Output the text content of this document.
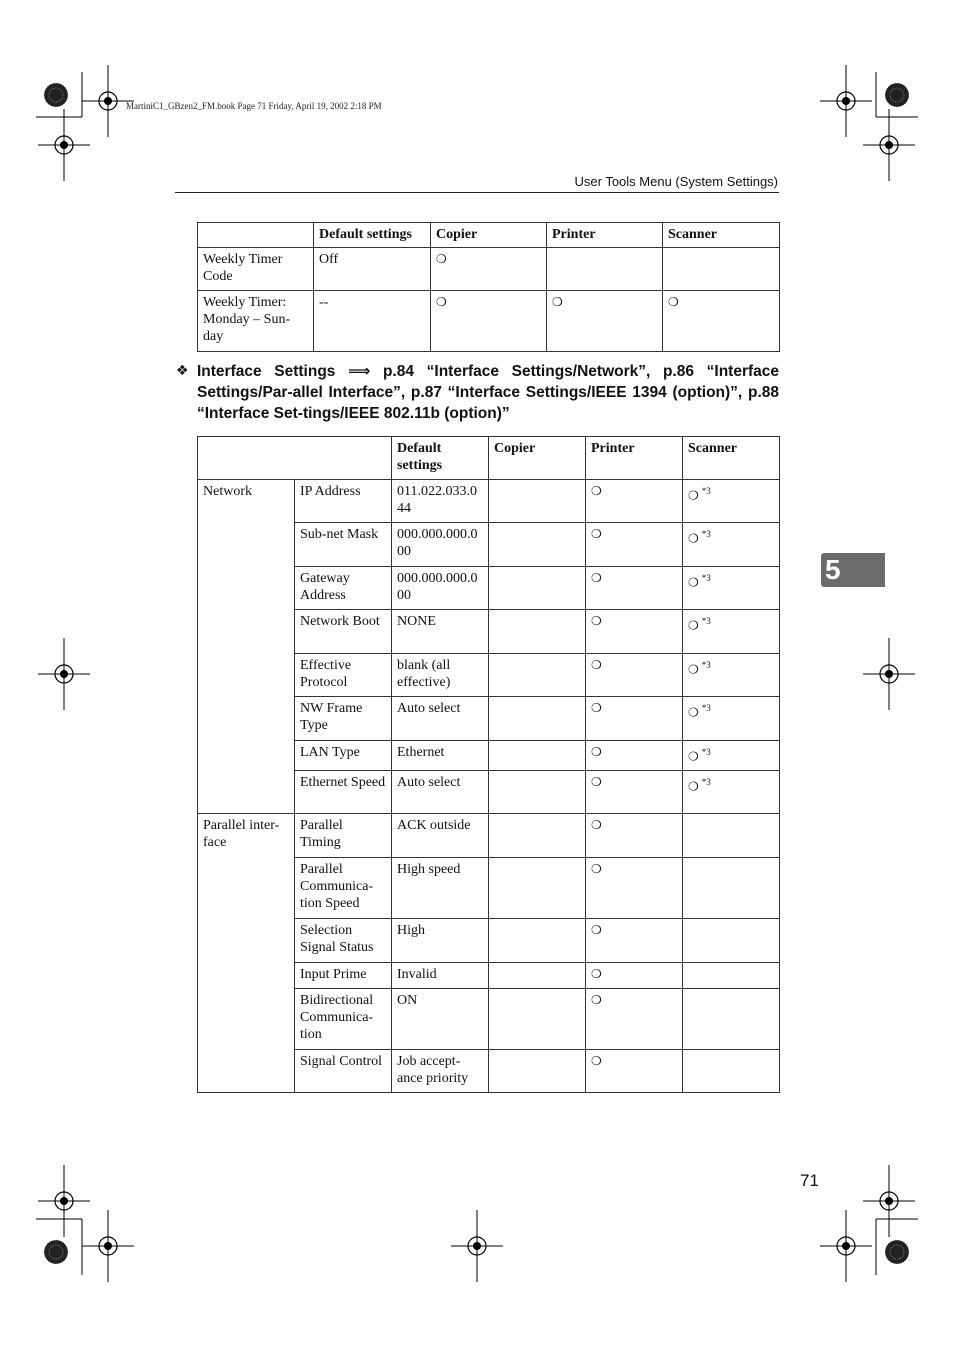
MartiniC1_GBzen2_FM.book Page 71 Friday, April 19, 2002 2:18 PM
User Tools Menu (System Settings)
	Default settings	Copier	Printer	Scanner
Weekly Timer Code	Off	❍		
Weekly Timer: Monday – Sun-day	--	❍	❍	❍
❖ Interface Settings ⟹ p.84 “Interface Settings/Network”, p.86 “Interface Settings/Par-allel Interface”, p.87 “Interface Settings/IEEE 1394 (option)”, p.88 “Interface Set-tings/IEEE 802.11b (option)”
		Default settings	Copier	Printer	Scanner
Network	IP Address	011.022.033.0 44		❍	❍ $^{*3}$
	Sub-net Mask	000.000.000.0 00		❍	❍ $^{*3}$
	Gateway Address	000.000.000.0 00		❍	❍ $^{*3}$
	Network Boot	NONE		❍	❍ $^{*3}$
	Effective Protocol	blank (all effective)		❍	❍ $^{*3}$
	NW Frame Type	Auto select		❍	❍ $^{*3}$
	LAN Type	Ethernet		❍	❍ $^{*3}$
	Ethernet Speed	Auto select		❍	❍ $^{*3}$
Parallel inter-face	Parallel Timing	ACK outside		❍	
	Parallel Communica-tion Speed	High speed		❍	
	Selection Signal Status	High		❍	
	Input Prime	Invalid		❍	
	Bidirectional Communica-tion	ON		❍	
	Signal Control	Job accept-ance priority		❍	
5
71
